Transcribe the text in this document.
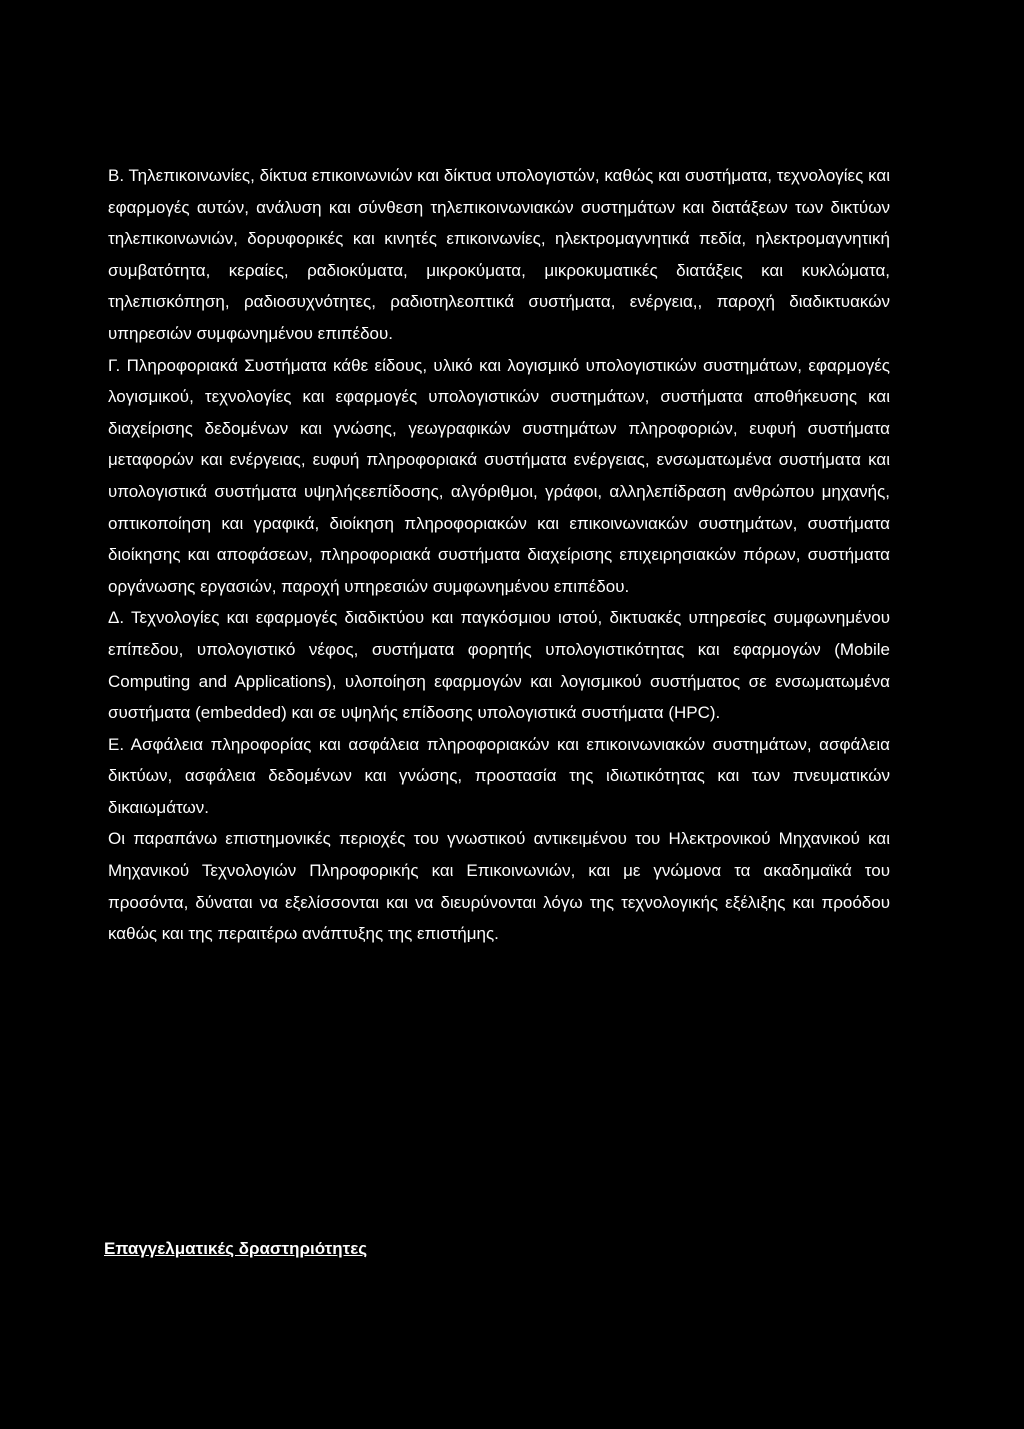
Β. Τηλεπικοινωνίες, δίκτυα επικοινωνιών και δίκτυα υπολογιστών, καθώς και συστήματα, τεχνολογίες και εφαρμογές αυτών, ανάλυση και σύνθεση τηλεπικοινωνιακών συστημάτων και διατάξεων των δικτύων τηλεπικοινωνιών, δορυφορικές και κινητές επικοινωνίες, ηλεκτρομαγνητικά πεδία, ηλεκτρομαγνητική συμβατότητα, κεραίες, ραδιοκύματα, μικροκύματα, μικροκυματικές διατάξεις και κυκλώματα, τηλεπισκόπηση, ραδιοσυχνότητες, ραδιοτηλεοπτικά συστήματα, ενέργεια,, παροχή διαδικτυακών υπηρεσιών συμφωνημένου επιπέδου.

Γ. Πληροφοριακά Συστήματα κάθε είδους, υλικό και λογισμικό υπολογιστικών συστημάτων, εφαρμογές λογισμικού, τεχνολογίες και εφαρμογές υπολογιστικών συστημάτων, συστήματα αποθήκευσης και διαχείρισης δεδομένων και γνώσης, γεωγραφικών συστημάτων πληροφοριών, ευφυή συστήματα μεταφορών και ενέργειας, ευφυή πληροφοριακά συστήματα ενέργειας, ενσωματωμένα συστήματα και υπολογιστικά συστήματα υψηλήςεεπίδοσης, αλγόριθμοι, γράφοι, αλληλεπίδραση ανθρώπου μηχανής, οπτικοποίηση και γραφικά, διοίκηση πληροφοριακών και επικοινωνιακών συστημάτων, συστήματα διοίκησης και αποφάσεων, πληροφοριακά συστήματα διαχείρισης επιχειρησιακών πόρων, συστήματα οργάνωσης εργασιών, παροχή υπηρεσιών συμφωνημένου επιπέδου.

Δ. Τεχνολογίες και εφαρμογές διαδικτύου και παγκόσμιου ιστού, δικτυακές υπηρεσίες συμφωνημένου επίπεδου, υπολογιστικό νέφος, συστήματα φορητής υπολογιστικότητας και εφαρμογών (Mobile Computing and Applications), υλοποίηση εφαρμογών και λογισμικού συστήματος σε ενσωματωμένα συστήματα (embedded) και σε υψηλής επίδοσης υπολογιστικά συστήματα (HPC).

Ε. Ασφάλεια πληροφορίας και ασφάλεια πληροφοριακών και επικοινωνιακών συστημάτων, ασφάλεια δικτύων, ασφάλεια δεδομένων και γνώσης, προστασία της ιδιωτικότητας και των πνευματικών δικαιωμάτων.

Οι παραπάνω επιστημονικές περιοχές του γνωστικού αντικειμένου του Ηλεκτρονικού Μηχανικού και Μηχανικού Τεχνολογιών Πληροφορικής και Επικοινωνιών, και με γνώμονα τα ακαδημαϊκά του προσόντα, δύναται να εξελίσσονται και να διευρύνονται λόγω της τεχνολογικής εξέλιξης και προόδου καθώς και της περαιτέρω ανάπτυξης της επιστήμης.

Επαγγελματικές δραστηριότητες
